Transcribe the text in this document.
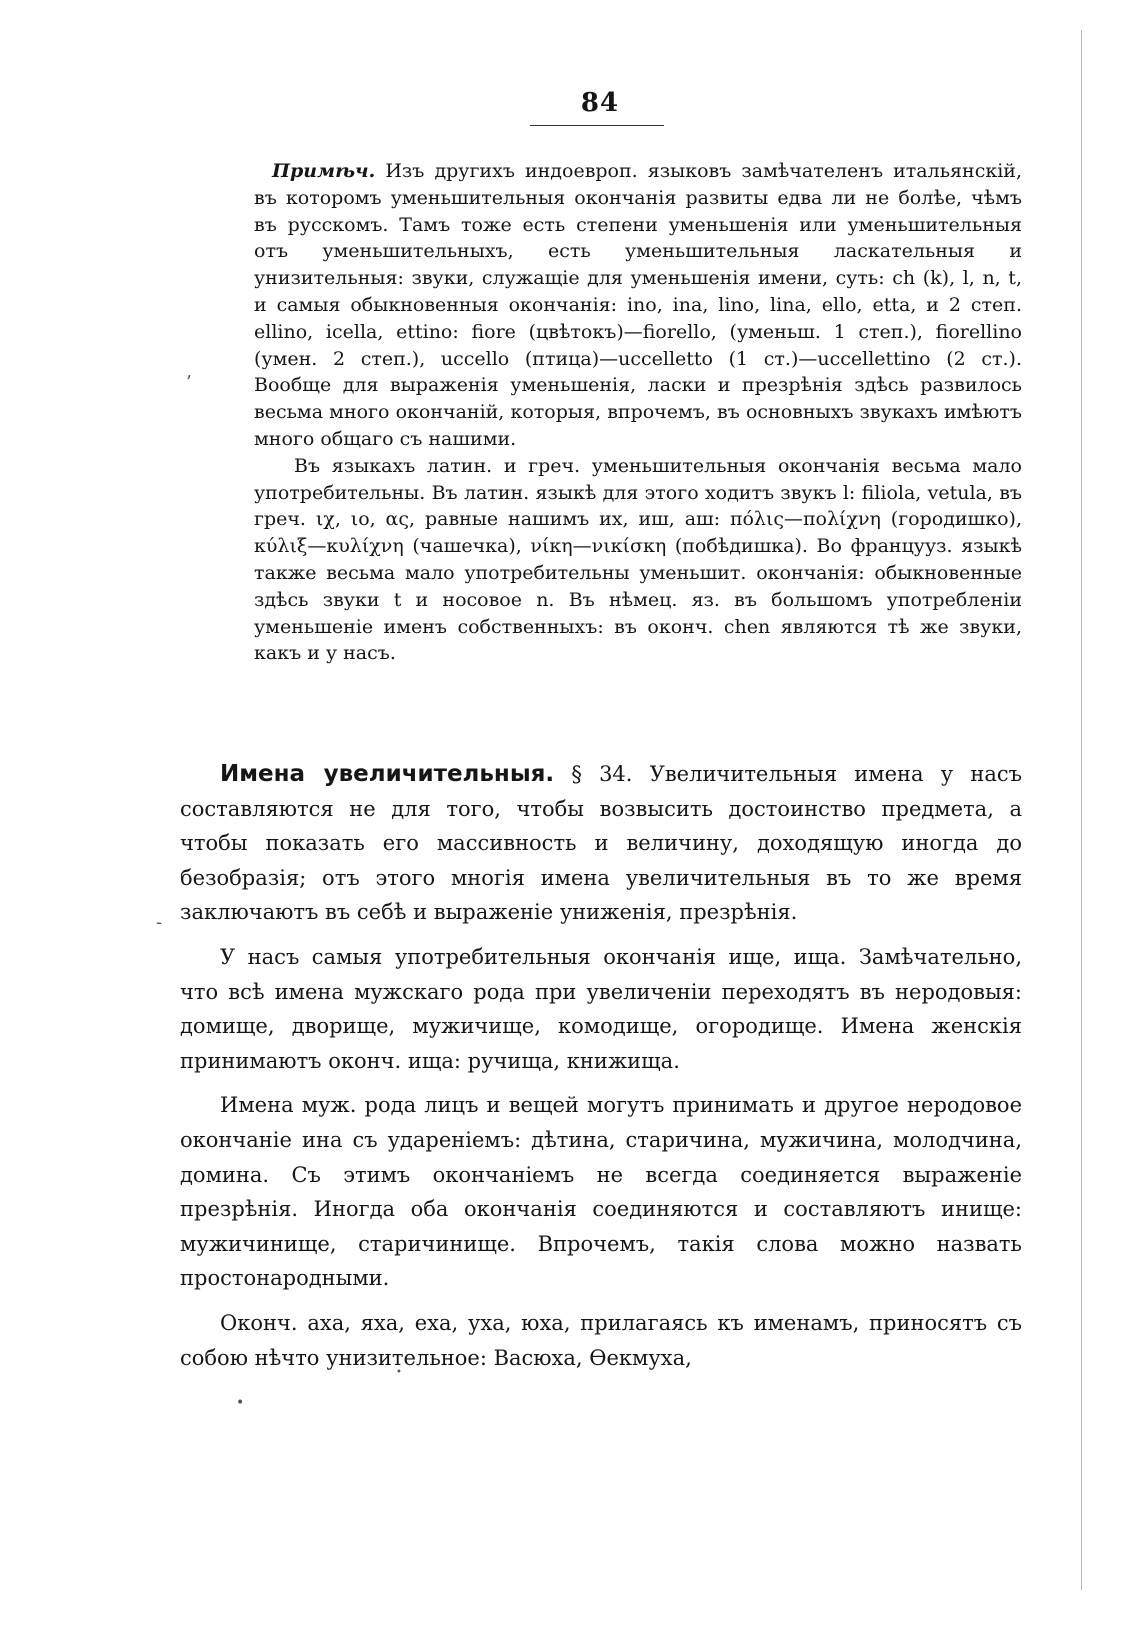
84
’
-
•
•

Примѣч. Изъ другихъ индоевроп. языковъ замѣчателенъ итальянскій, въ которомъ уменьшительныя окончанія развиты едва ли не болѣе, чѣмъ въ русскомъ. Тамъ тоже есть степени уменьшенія или уменьшительныя отъ уменьшительныхъ, есть уменьшительныя ласкательныя и унизительныя: звуки, служащіе для уменьшенія имени, суть: ch (k), l, n, t, и самыя обыкновенныя окончанія: ino, ina, lino, lina, ello, etta, и 2 степ. ellino, icella, ettino: fiore (цвѣтокъ)—fiorello, (уменьш. 1 степ.), fiorellino (умен. 2 степ.), uccello (птица)—uccelletto (1 ст.)—uccellettino (2 ст.). Вообще для выраженія уменьшенія, ласки и презрѣнія здѣсь развилось весьма много окончаній, которыя, впрочемъ, въ основныхъ звукахъ имѣютъ много общаго съ нашими.

Въ языкахъ латин. и греч. уменьшительныя окончанія весьма мало употребительны. Въ латин. языкѣ для этого ходитъ звукъ l: filiola, vetula, въ греч. ιχ, ιο, ας, равные нашимъ их, иш, аш: πόλις—πολίχνη (городишко), κύλιξ—κυλίχνη (чашечка), νίκη—νικίσκη (побѣдишка). Во францууз. языкѣ также весьма мало употребительны уменьшит. окончанія: обыкновенные здѣсь звуки t и носовое n. Въ нѣмец. яз. въ большомъ употребленіи уменьшеніе именъ собственныхъ: въ оконч. chen являются тѣ же звуки, какъ и у насъ.

Имена увеличительныя. § 34. Увеличительныя имена у насъ составляются не для того, чтобы возвысить достоинство предмета, а чтобы показать его массивность и величину, доходящую иногда до безобразія; отъ этого многія имена увеличительныя въ то же время заключаютъ въ себѣ и выраженіе униженія, презрѣнія.

У насъ самыя употребительныя окончанія ище, ища. Замѣчательно, что всѣ имена мужскаго рода при увеличеніи переходятъ въ неродовыя: домище, дворище, мужичище, комодище, огородище. Имена женскія принимаютъ оконч. ища: ручища, книжища.

Имена муж. рода лицъ и вещей могутъ принимать и другое неродовое окончаніе ина съ удареніемъ: дѣтина, старичина, мужичина, молодчина, домина. Съ этимъ окончаніемъ не всегда соединяется выраженіе презрѣнія. Иногда оба окончанія соединяются и составляютъ инище: мужичинище, старичинище. Впрочемъ, такія слова можно назвать простонародными.

Оконч. аха, яха, еха, уха, юха, прилагаясь къ именамъ, приносятъ съ собою нѣчто унизительное: Васюха, Ѳекмуха,
